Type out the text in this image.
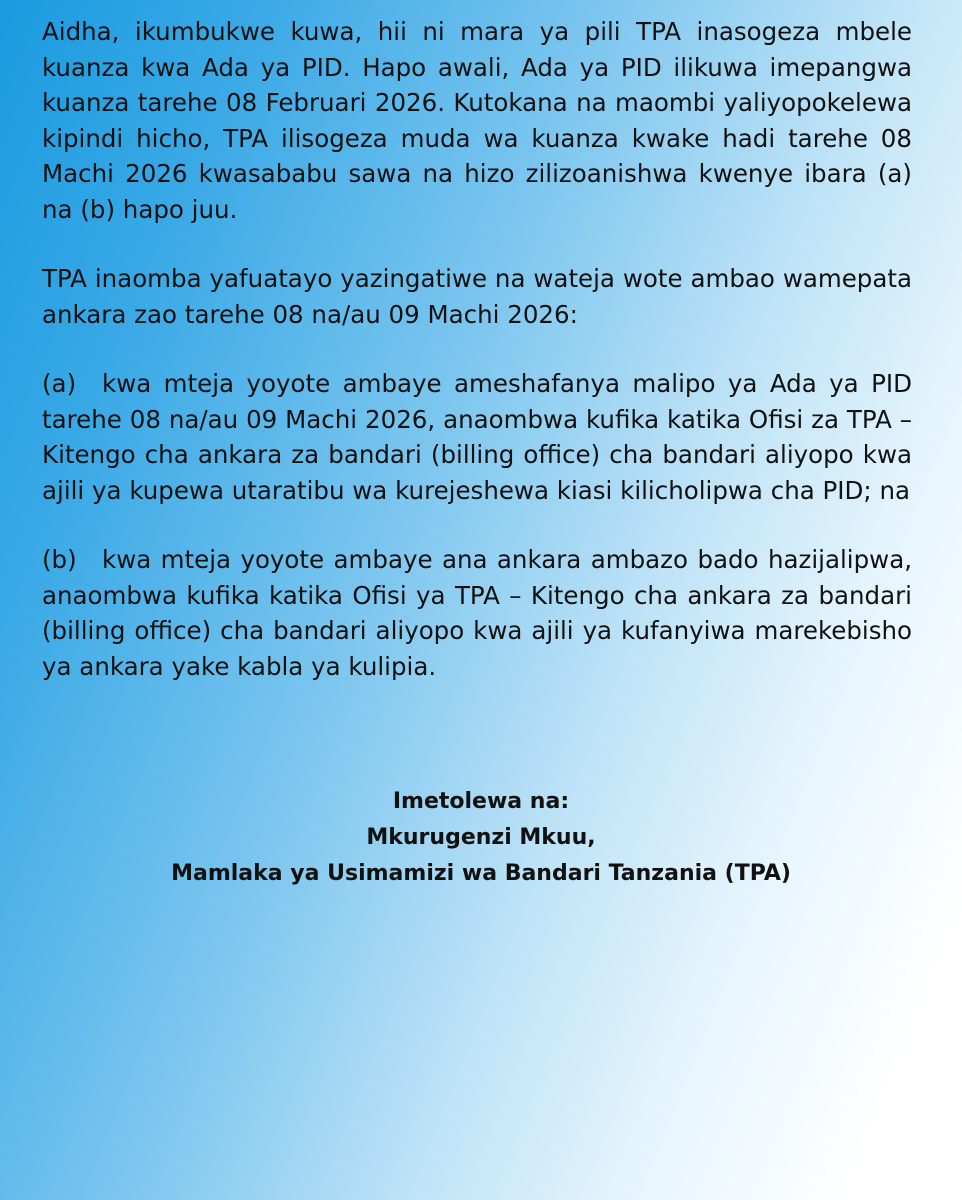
Aidha, ikumbukwe kuwa, hii ni mara ya pili TPA inasogeza mbele kuanza kwa Ada ya PID. Hapo awali, Ada ya PID ilikuwa imepangwa kuanza tarehe 08 Februari 2026. Kutokana na maombi yaliyopokelewa kipindi hicho, TPA ilisogeza muda wa kuanza kwake hadi tarehe 08 Machi 2026 kwasababu sawa na hizo zilizoanishwa kwenye ibara (a) na (b) hapo juu.

TPA inaomba yafuatayo yazingatiwe na wateja wote ambao wamepata ankara zao tarehe 08 na/au 09 Machi 2026:

(a) kwa mteja yoyote ambaye ameshafanya malipo ya Ada ya PID tarehe 08 na/au 09 Machi 2026, anaombwa kufika katika Ofisi za TPA – Kitengo cha ankara za bandari (billing office) cha bandari aliyopo kwa ajili ya kupewa utaratibu wa kurejeshewa kiasi kilicholipwa cha PID; na

(b) kwa mteja yoyote ambaye ana ankara ambazo bado hazijalipwa, anaombwa kufika katika Ofisi ya TPA – Kitengo cha ankara za bandari (billing office) cha bandari aliyopo kwa ajili ya kufanyiwa marekebisho ya ankara yake kabla ya kulipia.

Imetolewa na:
Mkurugenzi Mkuu,
Mamlaka ya Usimamizi wa Bandari Tanzania (TPA)
